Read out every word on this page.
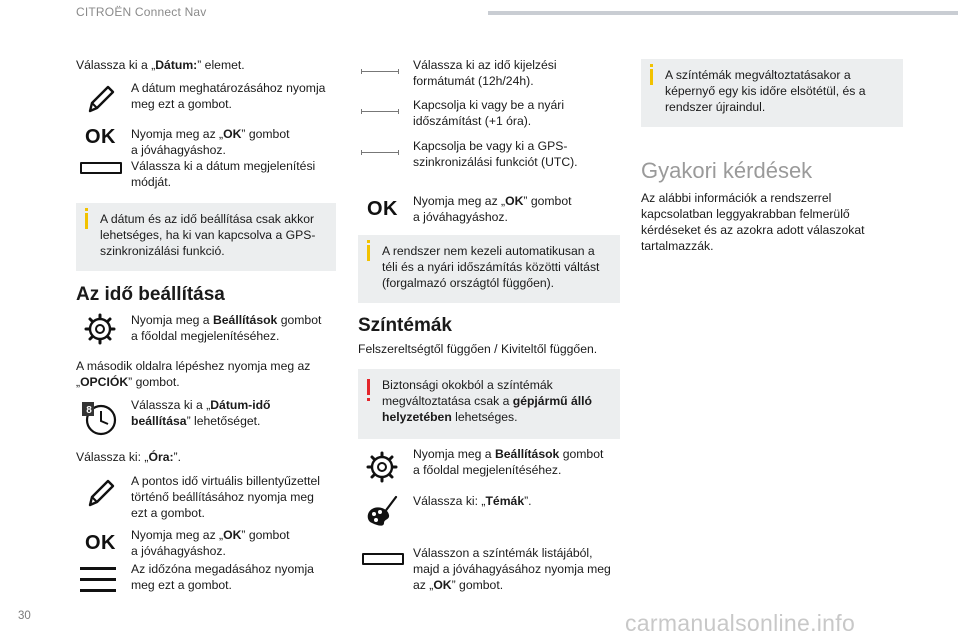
CITROËN Connect Nav
30	carmanualsonline.info

Válassza ki a „Dátum:” elemet.

A dátum meghatározásához nyomja meg ezt a gombot.

OK Nyomja meg az „OK” gombot
a jóváhagyáshoz.
Válassza ki a dátum megjelenítési módját.

A dátum és az idő beállítása csak akkor lehetséges, ha ki van kapcsolva a GPS-szinkronizálási funkció.

Az idő beállítása

Nyomja meg a Beállítások gombot
a főoldal megjelenítéséhez.

A második oldalra lépéshez nyomja meg az „OPCIÓK” gombot.

8	Válassza ki a „Dátum-idő
beállítása” lehetőséget.

Válassza ki: „Óra:”.

A pontos idő virtuális billentyűzettel történő beállításához nyomja meg ezt a gombot.

OK Nyomja meg az „OK” gombot
a jóváhagyáshoz.

Az időzóna megadásához nyomja meg ezt a gombot.

Válassza ki az idő kijelzési formátumát (12h/24h).

Kapcsolja ki vagy be a nyári időszámítást (+1 óra).

Kapcsolja be vagy ki a GPS-szinkronizálási funkciót (UTC).

OK Nyomja meg az „OK” gombot
a jóváhagyáshoz.

A rendszer nem kezeli automatikusan a téli és a nyári időszámítás közötti váltást (forgalmazó országtól függően).

Színtémák

Felszereltségtől függően / Kiviteltől függően.

Biztonsági okokból a színtémák megváltoztatása csak a gépjármű álló helyzetében lehetséges.

Nyomja meg a Beállítások gombot
a főoldal megjelenítéséhez.

Válassza ki: „Témák”.

Válasszon a színtémák listájából, majd a jóváhagyásához nyomja meg az „OK” gombot.

A színtémák megváltoztatásakor a képernyő egy kis időre elsötétül, és a rendszer újraindul.

Gyakori kérdések

Az alábbi információk a rendszerrel kapcsolatban leggyakrabban felmerülő kérdéseket és az azokra adott válaszokat tartalmazzák.
